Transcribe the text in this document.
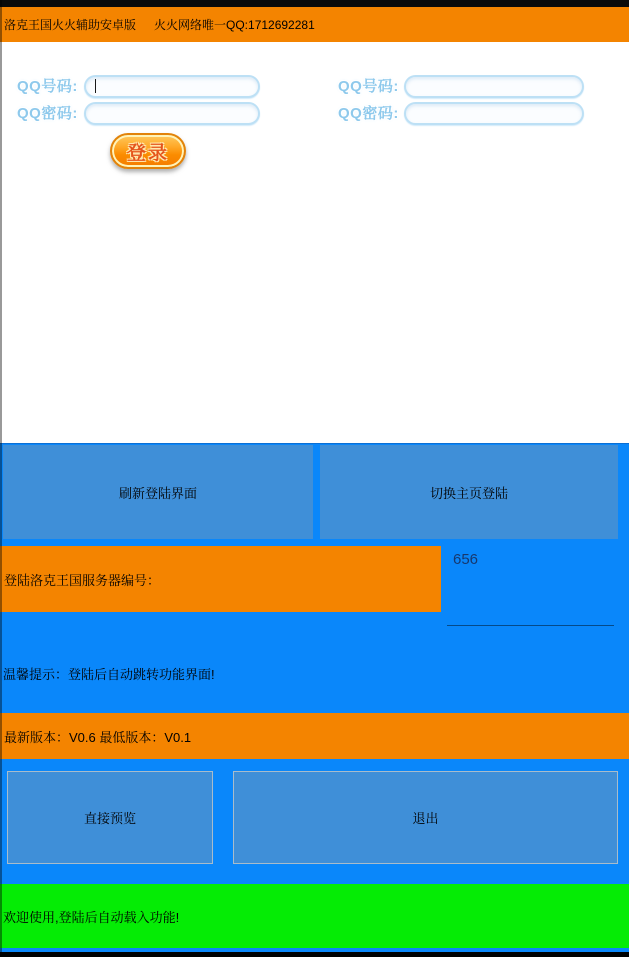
洛克王国火火辅助安卓版 火火网络唯一QQ:1712692281
QQ号码:
QQ密码:
QQ号码:
QQ密码:
登录
刷新登陆界面	切换主页登陆
登陆洛克王国服务器编号：
656
温馨提示：登陆后自动跳转功能界面!
最新版本：V0.6 最低版本：V0.1
直接预览	退出
欢迎使用,登陆后自动载入功能!
